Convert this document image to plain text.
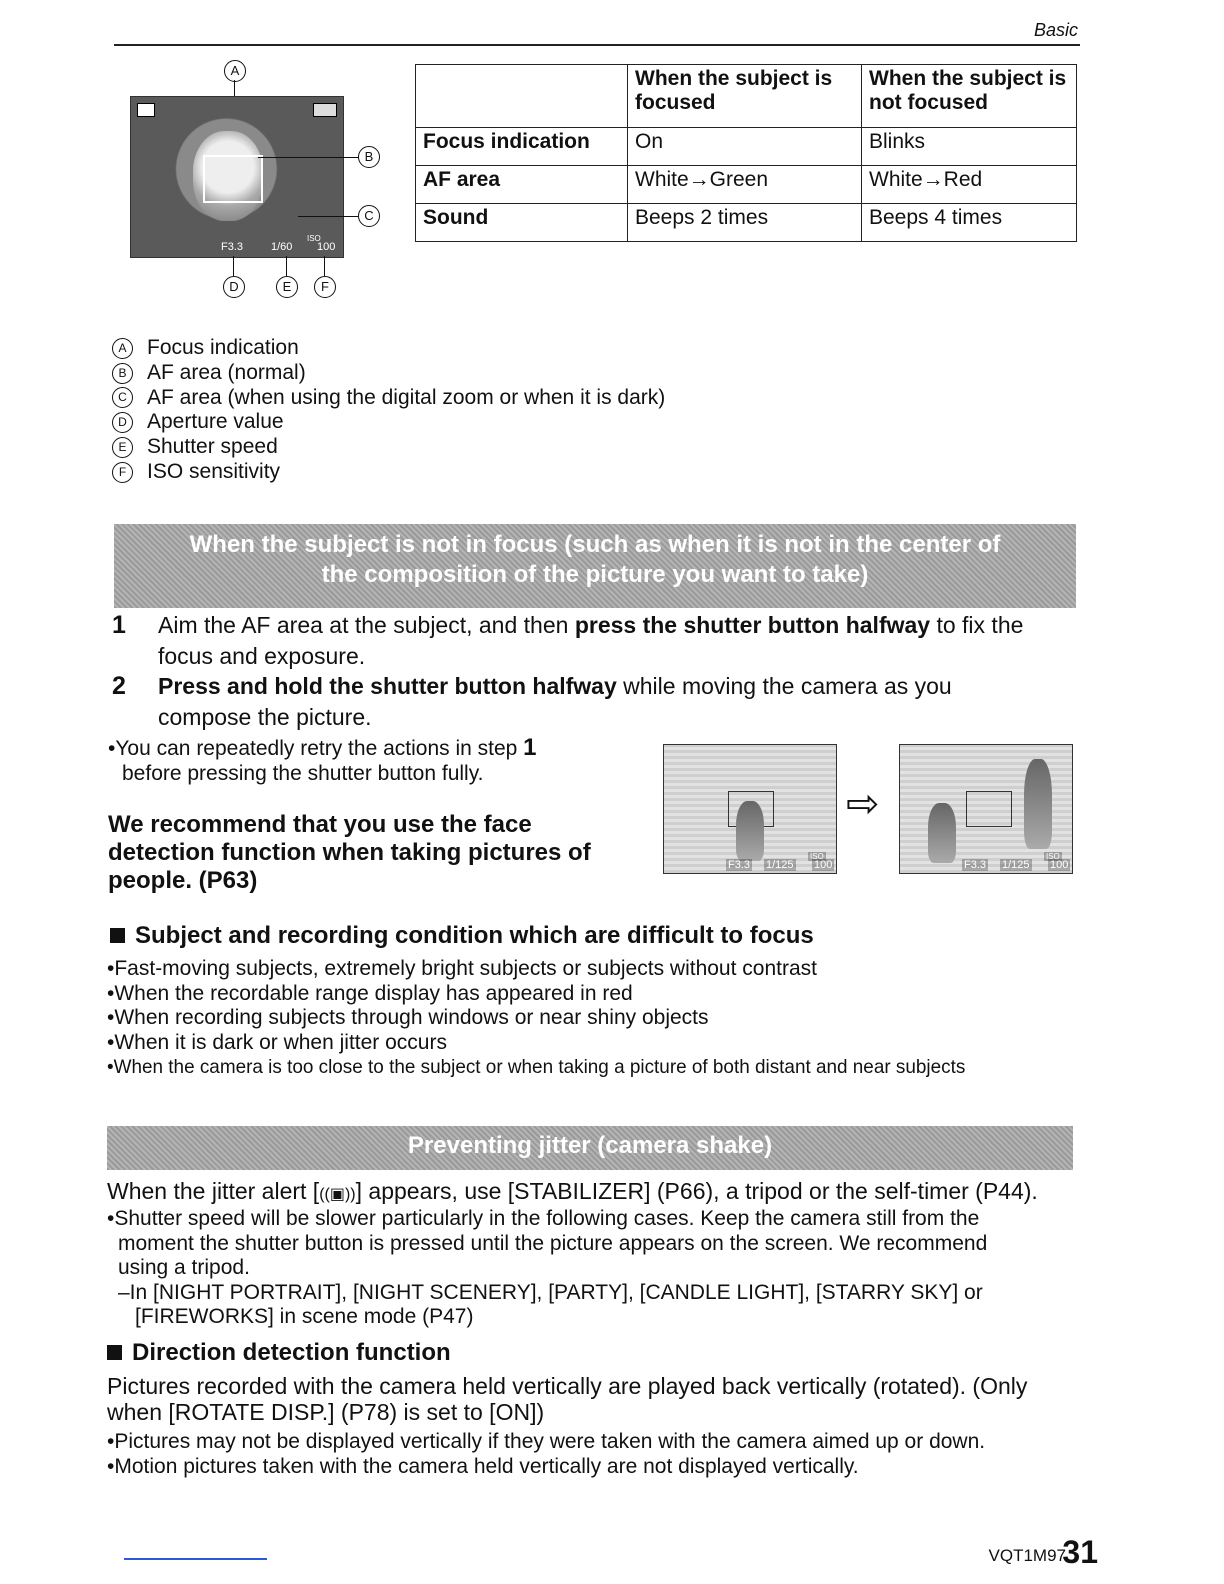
Basic
A
F3.3	1/60
ISO
100
B
C
D	E	F
	When the subject is focused	When the subject is not focused
Focus indication	On	Blinks
AF area	White→Green	White→Red
Sound	Beeps 2 times	Beeps 4 times
A Focus indication
B AF area (normal)
C AF area (when using the digital zoom or when it is dark)
D Aperture value
E Shutter speed
F ISO sensitivity
When the subject is not in focus (such as when it is not in the center of
the composition of the picture you want to take)
1 Aim the AF area at the subject, and then press the shutter button halfway to fix the
focus and exposure.
2 Press and hold the shutter button halfway while moving the camera as you
compose the picture.
•You can repeatedly retry the actions in step 1
before pressing the shutter button fully.
We recommend that you use the face
detection function when taking pictures of
people. (P63)
F3.3 1/125
ISO
100
⇨
F3.3 1/125
ISO
100
Subject and recording condition which are difficult to focus
•Fast-moving subjects, extremely bright subjects or subjects without contrast
•When the recordable range display has appeared in red
•When recording subjects through windows or near shiny objects
•When it is dark or when jitter occurs
•When the camera is too close to the subject or when taking a picture of both distant and near subjects
Preventing jitter (camera shake)
When the jitter alert [((▣))] appears, use [STABILIZER] (P66), a tripod or the self-timer (P44).
•Shutter speed will be slower particularly in the following cases. Keep the camera still from the
moment the shutter button is pressed until the picture appears on the screen. We recommend
using a tripod.
–In [NIGHT PORTRAIT], [NIGHT SCENERY], [PARTY], [CANDLE LIGHT], [STARRY SKY] or
[FIREWORKS] in scene mode (P47)
Direction detection function
Pictures recorded with the camera held vertically are played back vertically (rotated). (Only
when [ROTATE DISP.] (P78) is set to [ON])
•Pictures may not be displayed vertically if they were taken with the camera aimed up or down.
•Motion pictures taken with the camera held vertically are not displayed vertically.
VQT1M97
31
